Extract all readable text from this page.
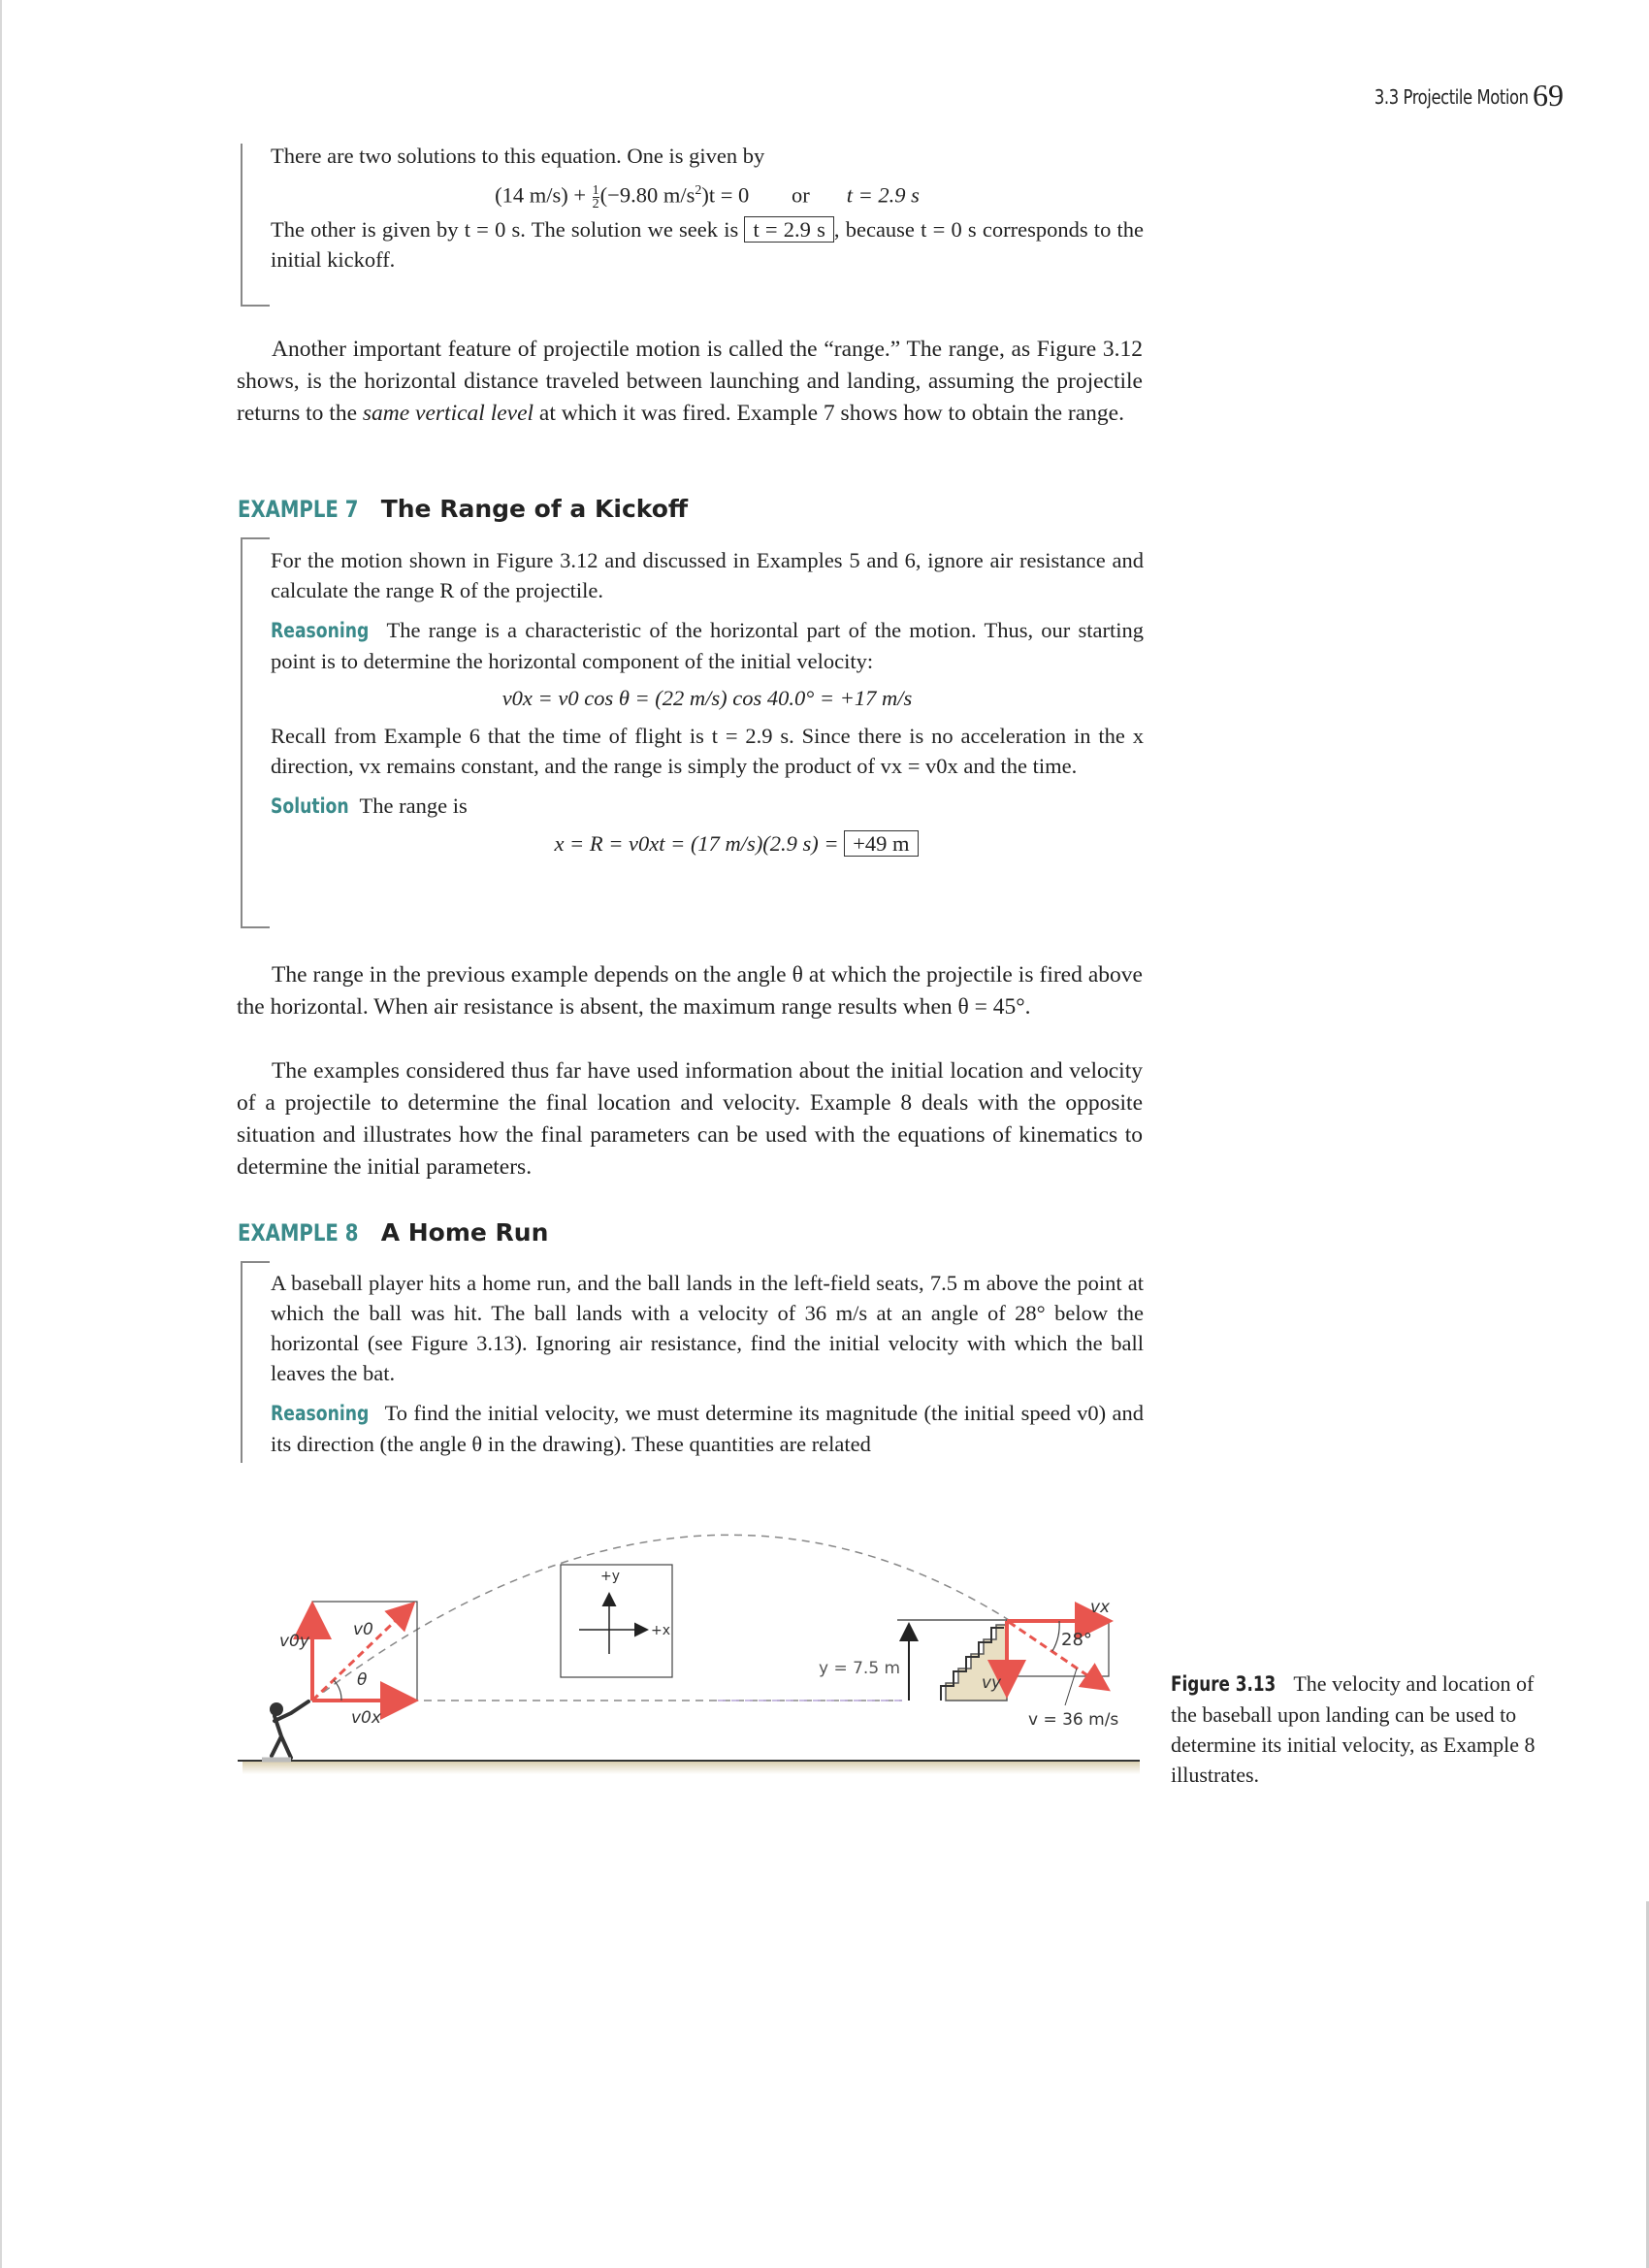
3.3 Projectile Motion 69

There are two solutions to this equation. One is given by

(14 $m/s) + \frac{1}{2} (-9.80$ $m/s^2)t = 0$ or t = 2.9 s

The other is given by t = 0 s. The solution we seek is t = 2.9 s , because t = 0 s corresponds to the initial kickoff.

Another important feature of projectile motion is called the “range.” The range, as Figure 3.12 shows, is the horizontal distance traveled between launching and landing, assuming the projectile returns to the same vertical level at which it was fired. Example 7 shows how to obtain the range.

EXAMPLE 7 The Range of a Kickoff

For the motion shown in Figure 3.12 and discussed in Examples 5 and 6, ignore air resistance and calculate the range R of the projectile.

Reasoning The range is a characteristic of the horizontal part of the motion. Thus, our starting point is to determine the horizontal component of the initial velocity:

v0x = v0 cos θ = (22 m/s) cos 40.0° = +17 m/s

Recall from Example 6 that the time of flight is t = 2.9 s. Since there is no acceleration in the x direction, vx remains constant, and the range is simply the product of vx = v0x and the time.

Solution The range is

x = R = v0xt = (17 m/s)(2.9 s) = +49 m

The range in the previous example depends on the angle θ at which the projectile is fired above the horizontal. When air resistance is absent, the maximum range results when θ = 45°.

The examples considered thus far have used information about the initial location and velocity of a projectile to determine the final location and velocity. Example 8 deals with the opposite situation and illustrates how the final parameters can be used with the equations of kinematics to determine the initial parameters.

EXAMPLE 8 A Home Run

A baseball player hits a home run, and the ball lands in the left-field seats, 7.5 m above the point at which the ball was hit. The ball lands with a velocity of 36 m/s at an angle of 28° below the horizontal (see Figure 3.13). Ignoring air resistance, find the initial velocity with which the ball leaves the bat.

Reasoning To find the initial velocity, we must determine its magnitude (the initial speed v0) and its direction (the angle θ in the drawing). These quantities are related

v0y
v0
θ
v0x
+y
+x
y = 7.5 m
vx
vy
28°
v = 36 m/s

Figure 3.13 The velocity and location of the baseball upon landing can be used to determine its initial velocity, as Example 8 illustrates.
